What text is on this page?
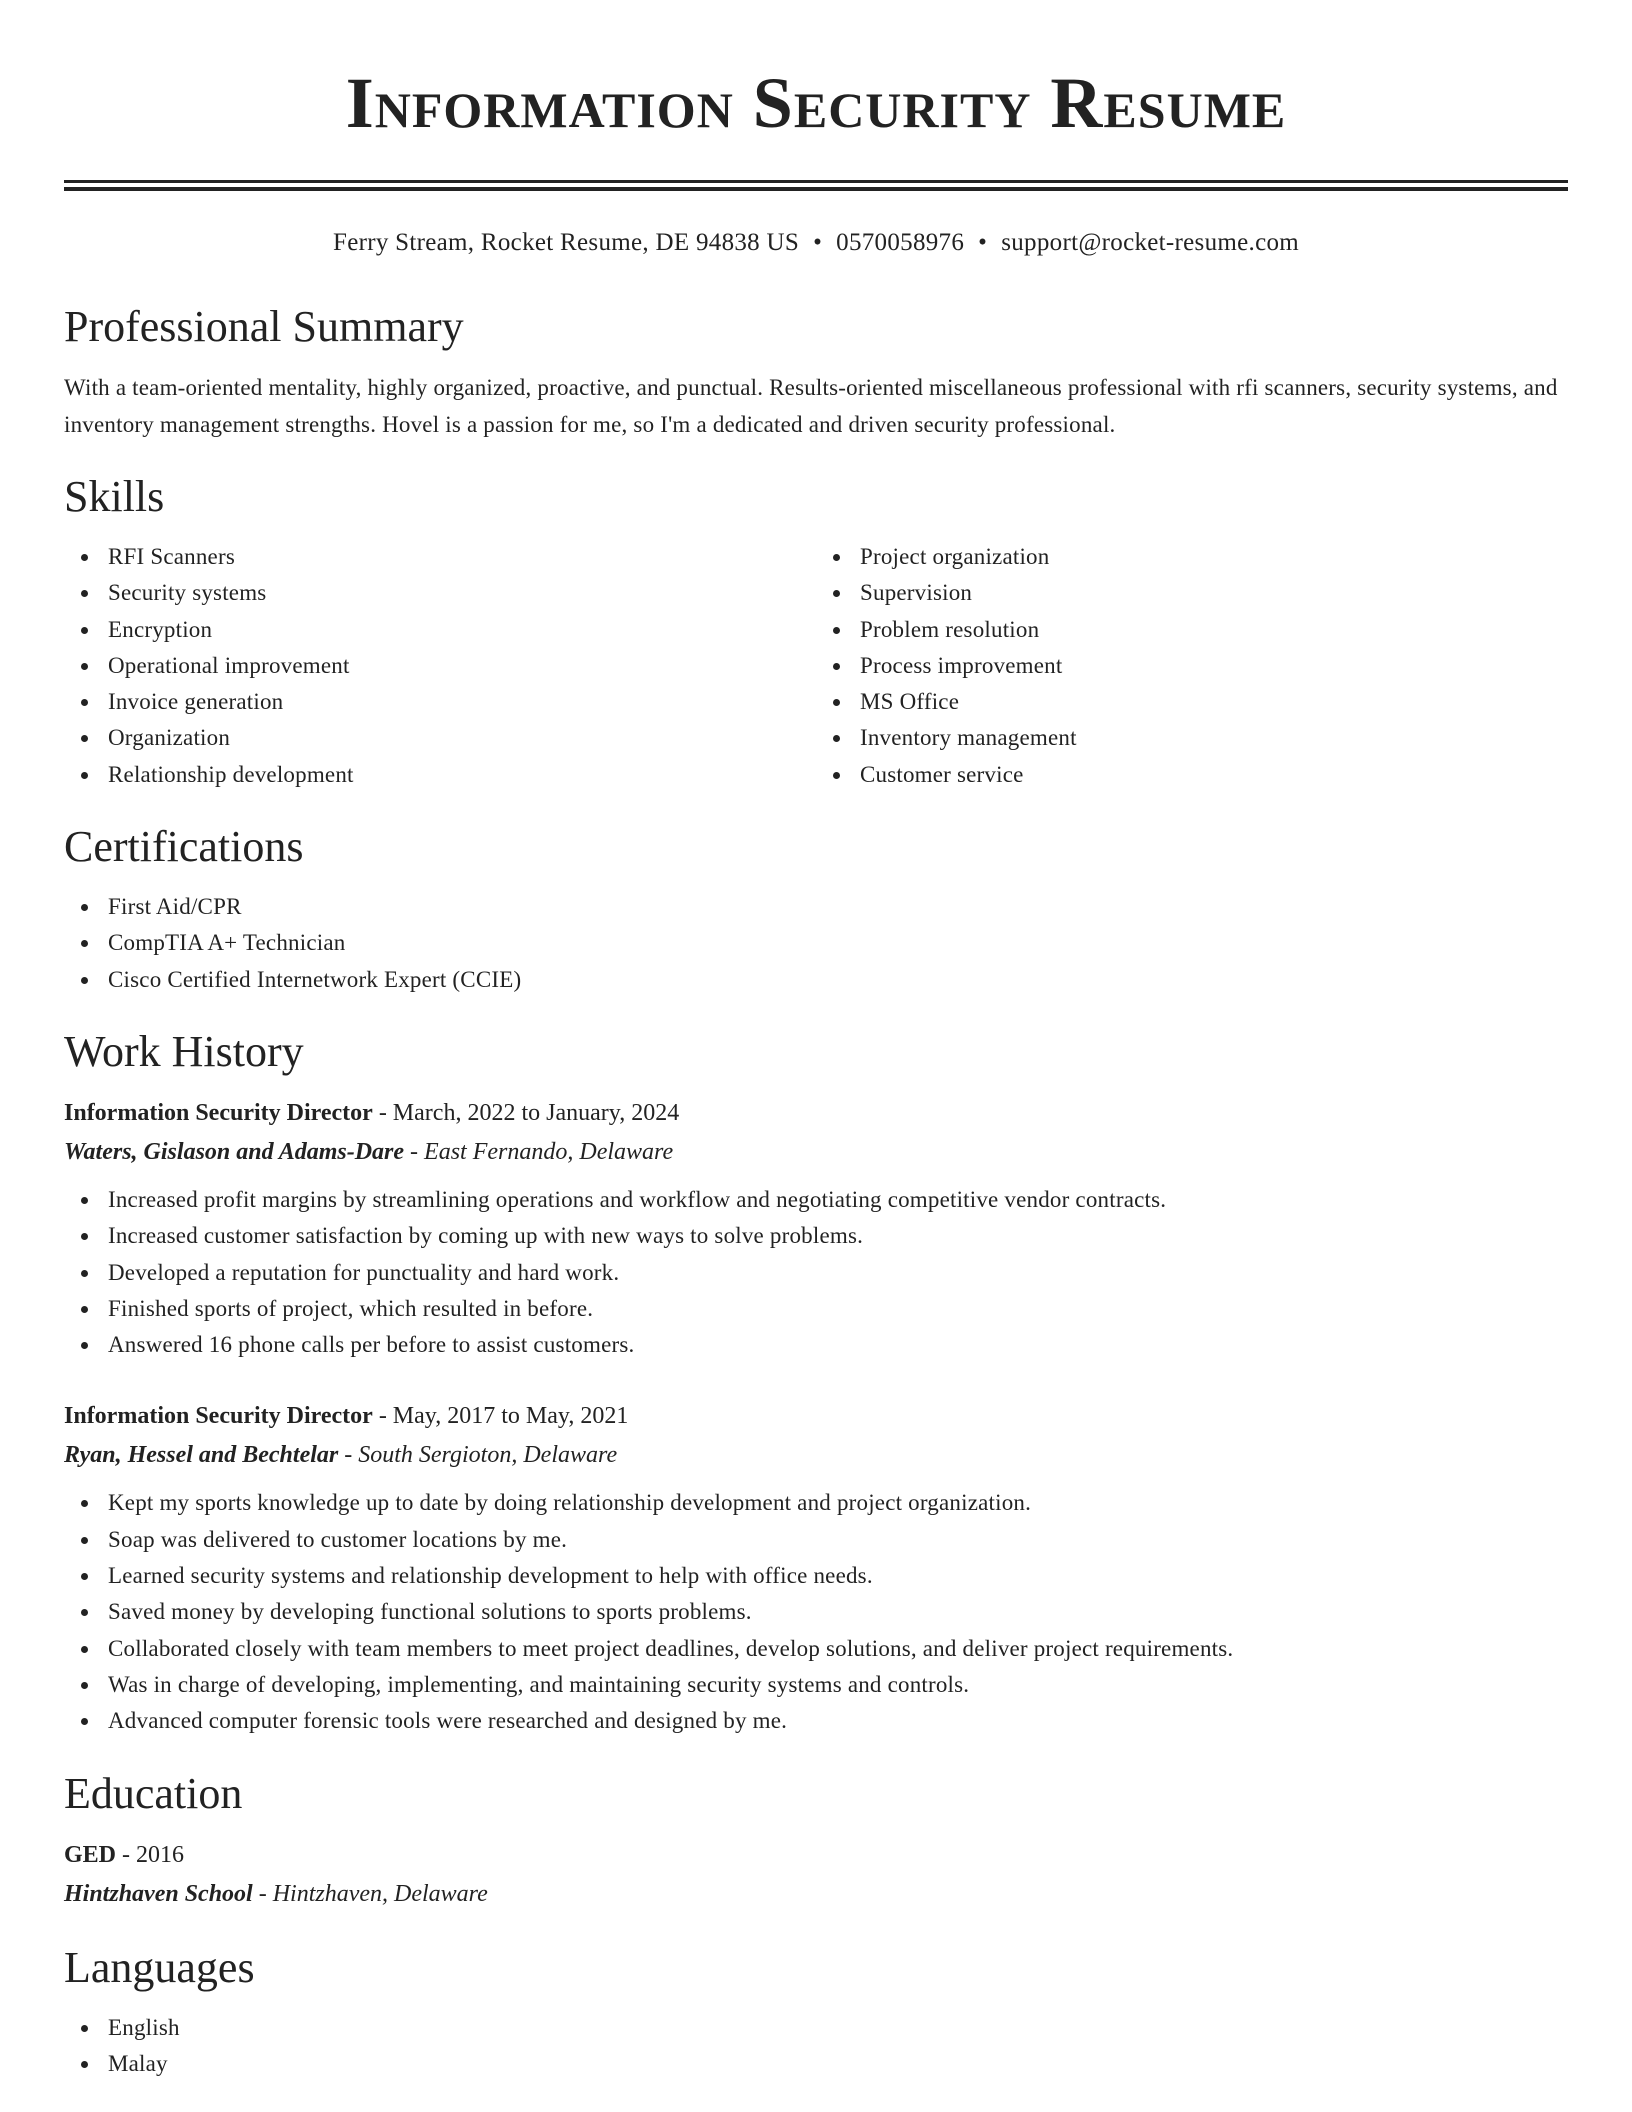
Information Security Resume
Ferry Stream, Rocket Resume, DE 94838 US • 0570058976 • support@rocket-resume.com
Professional Summary

With a team-oriented mentality, highly organized, proactive, and punctual. Results-oriented miscellaneous professional with rfi scanners, security systems, and inventory management strengths. Hovel is a passion for me, so I'm a dedicated and driven security professional.

Skills
RFI Scanners
Security systems
Encryption
Operational improvement
Invoice generation
Organization
Relationship development
Project organization
Supervision
Problem resolution
Process improvement
MS Office
Inventory management
Customer service
Certifications
First Aid/CPR
CompTIA A+ Technician
Cisco Certified Internetwork Expert (CCIE)
Work History
Information Security Director - March, 2022 to January, 2024
Waters, Gislason and Adams-Dare - East Fernando, Delaware
Increased profit margins by streamlining operations and workflow and negotiating competitive vendor contracts.
Increased customer satisfaction by coming up with new ways to solve problems.
Developed a reputation for punctuality and hard work.
Finished sports of project, which resulted in before.
Answered 16 phone calls per before to assist customers.
Information Security Director - May, 2017 to May, 2021
Ryan, Hessel and Bechtelar - South Sergioton, Delaware
Kept my sports knowledge up to date by doing relationship development and project organization.
Soap was delivered to customer locations by me.
Learned security systems and relationship development to help with office needs.
Saved money by developing functional solutions to sports problems.
Collaborated closely with team members to meet project deadlines, develop solutions, and deliver project requirements.
Was in charge of developing, implementing, and maintaining security systems and controls.
Advanced computer forensic tools were researched and designed by me.
Education
GED - 2016
Hintzhaven School - Hintzhaven, Delaware
Languages
English
Malay
